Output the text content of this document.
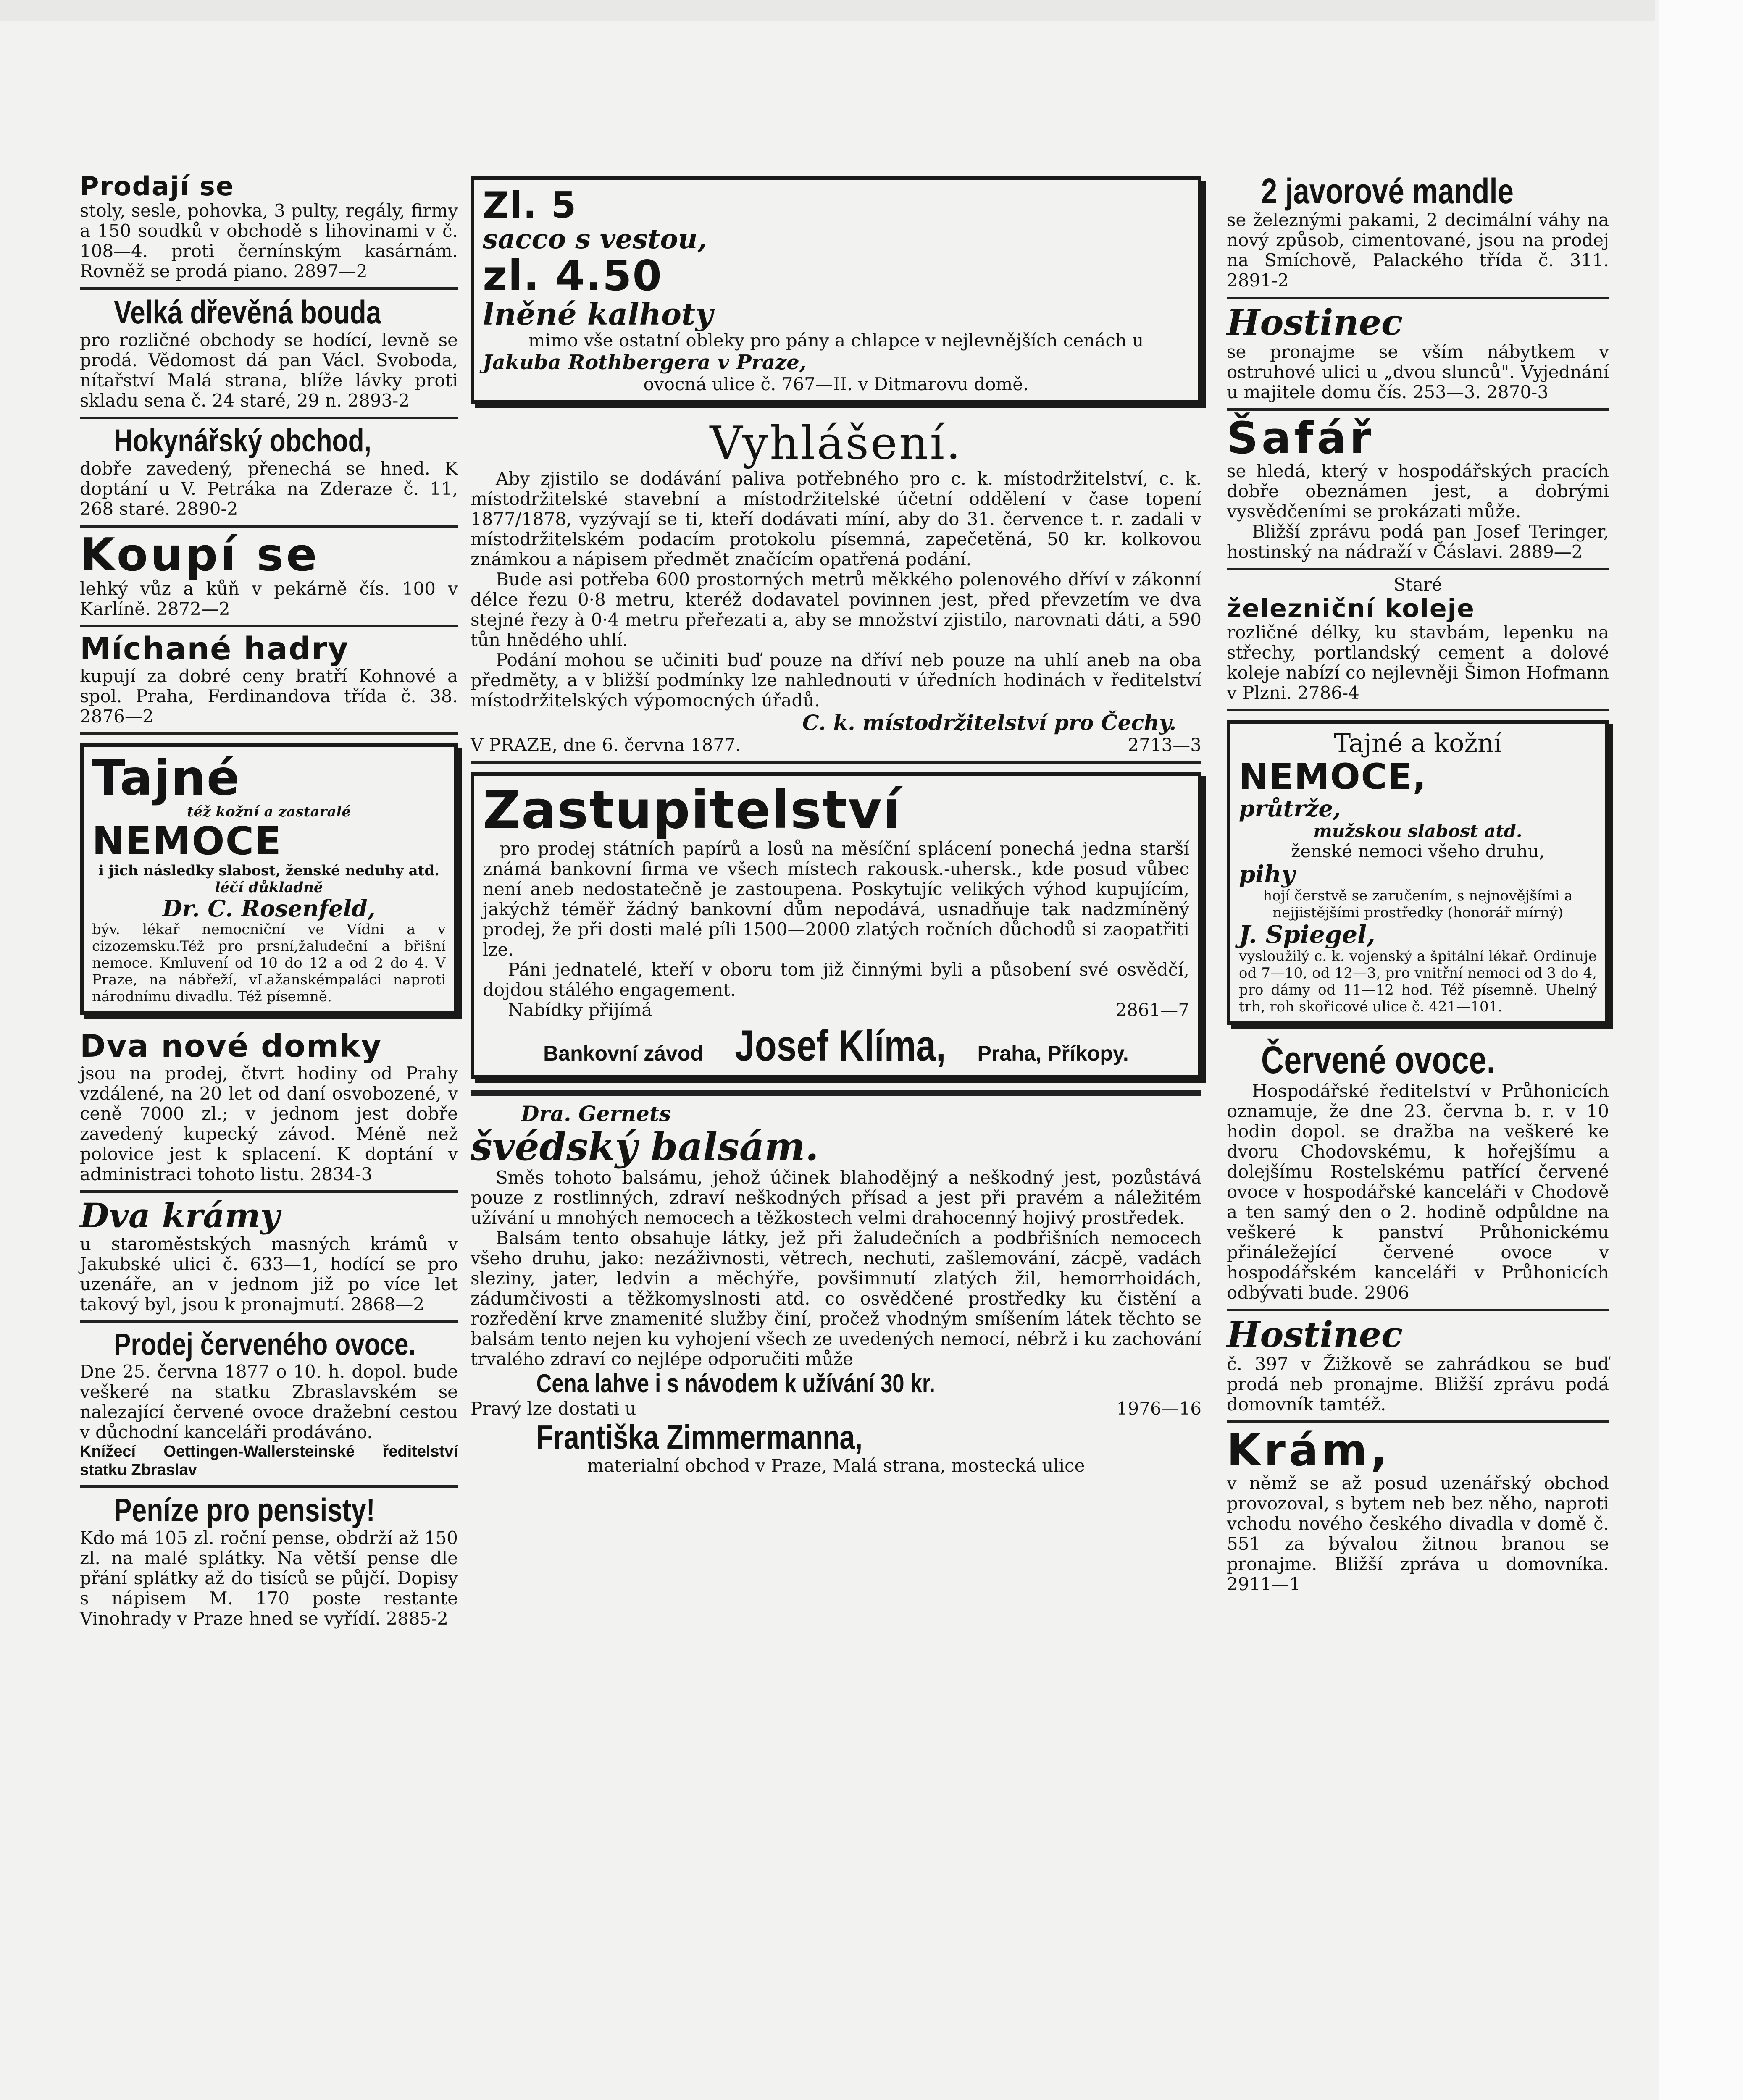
Prodají se

stoly, sesle, pohovka, 3 pulty, regály, firmy a 150 soudků v obchodě s lihovinami v č. 108—4. proti černínským kasárnám. Rovněž se prodá piano. 2897—2

Velká dřevěná bouda

pro rozličné obchody se hodící, levně se prodá. Vědomost dá pan Václ. Svoboda, nítařství Malá strana, blíže lávky proti skladu sena č. 24 staré, 29 n. 2893-2

Hokynářský obchod,

dobře zavedený, přenechá se hned. K doptání u V. Petráka na Zderaze č. 11, 268 staré. 2890-2

Koupí se

lehký vůz a kůň v pekárně čís. 100 v Karlíně. 2872—2

Míchané hadry

kupují za dobré ceny bratří Kohnové a spol. Praha, Ferdinandova třída č. 38. 2876—2

Tajné

též kožní a zastaralé

NEMOCE

i jich následky slabost, ženské neduhy atd.

léčí důkladně

Dr. C. Rosenfeld,

býv. lékař nemocniční ve Vídni a v cizozemsku.Též pro prsní,žaludeční a břišní nemoce. Kmluvení od 10 do 12 a od 2 do 4. V Praze, na nábřeží, vLažanskémpaláci naproti národnímu divadlu. Též písemně.

Dva nové domky

jsou na prodej, čtvrt hodiny od Prahy vzdálené, na 20 let od daní osvobozené, v ceně 7000 zl.; v jednom jest dobře zavedený kupecký závod. Méně než polovice jest k splacení. K doptání v administraci tohoto listu. 2834-3

Dva krámy

u staroměstských masných krámů v Jakubské ulici č. 633—1, hodící se pro uzenáře, an v jednom již po více let takový byl, jsou k pronajmutí. 2868—2

Prodej červeného ovoce.

Dne 25. června 1877 o 10. h. dopol. bude veškeré na statku Zbraslavském se nalezající červené ovoce dražební cestou v důchodní kanceláři prodáváno.

Knížecí Oettingen-Wallersteinské ředitelství statku Zbraslav

Peníze pro pensisty!

Kdo má 105 zl. roční pense, obdrží až 150 zl. na malé splátky. Na větší pense dle přání splátky až do tisíců se půjčí. Dopisy s nápisem M. 170 poste restante Vinohrady v Praze hned se vyřídí. 2885-2

Zl. 5

sacco s vestou,

zl. 4.50

lněné kalhoty

mimo vše ostatní obleky pro pány a chlapce v nejlevnějších cenách u

Jakuba Rothbergera v Praze,

ovocná ulice č. 767—II. v Ditmarovu domě.

Vyhlášení.

Aby zjistilo se dodávání paliva potřebného pro c. k. místodržitelství, c. k. místodržitelské stavební a místodržitelské účetní oddělení v čase topení 1877/1878, vyzývají se ti, kteří dodávati míní, aby do 31. července t. r. zadali v místodržitelském podacím protokolu písemná, zapečetěná, 50 kr. kolkovou známkou a nápisem předmět značícím opatřená podání.

Bude asi potřeba 600 prostorných metrů měkkého polenového dříví v zákonní délce řezu 0·8 metru, kteréž dodavatel povinnen jest, před převzetím ve dva stejné řezy à 0·4 metru přeřezati a, aby se množství zjistilo, narovnati dáti, a 590 tůn hnědého uhlí.

Podání mohou se učiniti buď pouze na dříví neb pouze na uhlí aneb na oba předměty, a v bližší podmínky lze nahlednouti v úředních hodinách v ředitelství místodržitelských výpomocných úřadů.

C. k. místodržitelství pro Čechy.

V PRAZE, dne 6. června 1877.	2713—3

Zastupitelství

pro prodej státních papírů a losů na měsíční splácení ponechá jedna starší známá bankovní firma ve všech místech rakousk.-uhersk., kde posud vůbec není aneb nedostatečně je zastoupena. Poskytujíc velikých výhod kupujícím, jakýchž téměř žádný bankovní dům nepodává, usnadňuje tak nadzmíněný prodej, že při dosti malé píli 1500—2000 zlatých ročních důchodů si zaopatřiti lze.

Páni jednatelé, kteří v oboru tom již činnými byli a působení své osvědčí, dojdou stálého engagement.

Nabídky přijímá	2861—7

Bankovní závod Josef Klíma, Praha, Příkopy.

Dra. Gernets

švédský balsám.

Směs tohoto balsámu, jehož účinek blahodějný a neškodný jest, pozůstává pouze z rostlinných, zdraví neškodných přísad a jest při pravém a náležitém užívání u mnohých nemocech a těžkostech velmi drahocenný hojivý prostředek.

Balsám tento obsahuje látky, jež při žaludečních a podbřišních nemocech všeho druhu, jako: nezáživnosti, větrech, nechuti, zašlemování, zácpě, vadách sleziny, jater, ledvin a měchýře, povšimnutí zlatých žil, hemorrhoidách, zádumčivosti a těžkomyslnosti atd. co osvědčené prostředky ku čistění a rozředění krve znamenité služby činí, pročež vhodným smíšením látek těchto se balsám tento nejen ku vyhojení všech ze uvedených nemocí, nébrž i ku zachování trvalého zdraví co nejlépe odporučiti může

Cena lahve i s návodem k užívání 30 kr.

Pravý lze dostati u	1976—16

Františka Zimmermanna,

materialní obchod v Praze, Malá strana, mostecká ulice

2 javorové mandle

se železnými pakami, 2 decimální váhy na nový způsob, cimentované, jsou na prodej na Smíchově, Palackého třída č. 311. 2891-2

Hostinec

se pronajme se vším nábytkem v ostruhové ulici u „dvou slunců". Vyjednání u majitele domu čís. 253—3. 2870-3

Šafář

se hledá, který v hospodářských pracích dobře obeznámen jest, a dobrými vysvědčeními se prokázati může.

Bližší zprávu podá pan Josef Teringer, hostinský na nádraží v Čáslavi. 2889—2

Staré

železniční koleje

rozličné délky, ku stavbám, lepenku na střechy, portlandský cement a dolové koleje nabízí co nejlevněji Šimon Hofmann v Plzni. 2786-4

Tajné a kožní

NEMOCE,

průtrže,

mužskou slabost atd.

ženské nemoci všeho druhu,

pihy

hojí čerstvě se zaručením, s nejnovějšími a nejjistějšími prostředky (honorář mírný)

J. Spiegel,

vysloužilý c. k. vojenský a špitální lékař. Ordinuje od 7—10, od 12—3, pro vnitřní nemoci od 3 do 4, pro dámy od 11—12 hod. Též písemně. Uhelný trh, roh skořicové ulice č. 421—101.

Červené ovoce.

Hospodářské ředitelství v Průhonicích oznamuje, že dne 23. června b. r. v 10 hodin dopol. se dražba na veškeré ke dvoru Chodovskému, k hořejšímu a dolejšímu Rostelskému patřící červené ovoce v hospodářské kanceláři v Chodově a ten samý den o 2. hodině odpůldne na veškeré k panství Průhonickému přináležející červené ovoce v hospodářském kanceláři v Průhonicích odbývati bude. 2906

Hostinec

č. 397 v Žižkově se zahrádkou se buď prodá neb pronajme. Bližší zprávu podá domovník tamtéž.

Krám,

v němž se až posud uzenářský obchod provozoval, s bytem neb bez něho, naproti vchodu nového českého divadla v domě č. 551 za bývalou žitnou branou se pronajme. Bližší zpráva u domovníka. 2911—1
